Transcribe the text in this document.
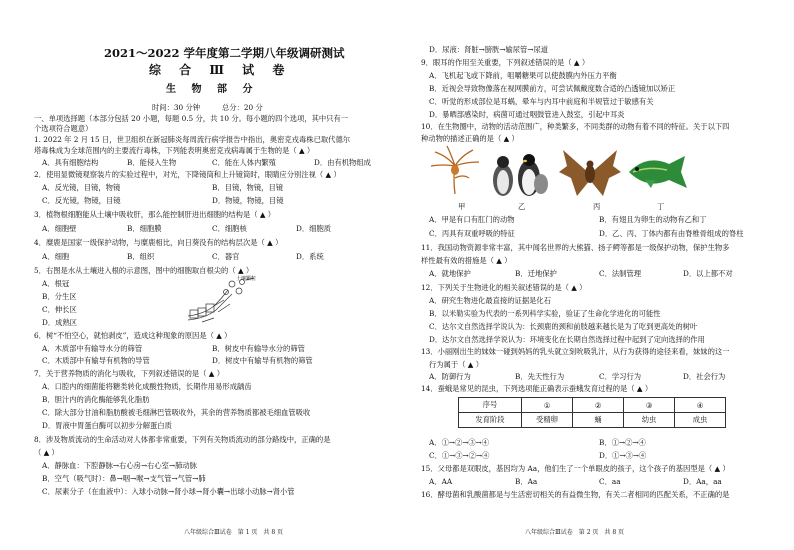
2021～2022 学年度第二学期八年级调研测试
综 合 Ⅲ 试 卷
生 物 部 分
时间：30 分钟　　　总分：20 分
一、单项选择题（本部分包括 20 小题，每题 0.5 分，共 10 分。每小题的四个选项，其中只有一
个选项符合题意）
1. 2022 年 2 月 15 日，世卫组织在新冠肺炎每周流行病学报告中指出，奥密克戎毒株已取代德尔
塔毒株成为全球范围内的主要流行毒株，下列能表明奥密克戎病毒属于生物的是（ ▲ ）
A．具有细胞结构	B．能侵入生物	C．能在人体内繁殖	D．由有机物组成
2．使用显微镜观察装片的实验过程中，对光，下降镜筒和上升镜筒时，眼睛应分别注视（ ▲ ）
A．反光镜，目镜，物镜	B．目镜，物镜，目镜
C．反光镜，物镜，目镜	D．物镜，物镜，目镜
3．植物根细胞能从土壤中吸收肝，那么能控制肝进出细胞的结构是（ ▲ ）
A．细胞壁	B．细胞膜	C．细胞核	D．细胞质
4．糜鹿是国家一级保护动物，与糜鹿相比，向日葵没有的结构层次是（ ▲ ）
A．细胞	B．组织	C．器官	D．系统
5．右图是水从土壤进入根的示意图，图中的细胞取自根尖的（ ▲ ）
A．根冠
B．分生区
C．伸长区
D．成熟区
土壤颗粒
6．树“不怕空心，就怕剥皮”，造成这种现象的原因是（ ▲ ）
A．木质部中有输导水分的筛管	B．树皮中有输导水分的筛管
C．木质部中有输导有机物的导管	D．树皮中有输导有机物的筛管
7．关于营养物质的消化与吸收，下列叙述错误的是（ ▲ ）
A．口腔内的细菌能将糖类转化成酸性物质，长期作用易形成龋齿
B．胆汁内的消化酶能够乳化脂肪
C．除大部分甘油和脂肪酸被毛细淋巴管吸收外，其余的营养物质都被毛细血管吸收
D．胃液中胃蛋白酶可以初步分解蛋白质
8．涉及物质流动的生命活动对人体都非常重要，下列有关物质流动的部分路线中，正确的是
（ ▲ ）
A．静脉血：下腔静脉→右心房→右心室→肺动脉
B．空气（吸气时）：鼻→咽→喉→支气管→气管→肺
C．尿素分子（在血液中）：入球小动脉→肾小球→肾小囊→出球小动脉→肾小管
八年级综合Ⅲ试卷　第 1 页　共 8 页
D．尿液：肾脏→膀胱→输尿管→尿道
9．眼耳的作用至关重要，下列叙述错误的是（ ▲ ）
A．飞机起飞或下降前，咀嚼糖果可以使鼓膜内外压力平衡
B．近视会导致物像落在视网膜前方，可尝试佩戴度数合适的凸透镜加以矫正
C．听觉的形成部位是耳蜗，晕车与内耳中前庭和半规管过于敏感有关
D．暴晒部感染时，病菌可通过咽鼓管进入鼓室，引起中耳炎
10．在生物圈中，动物的活动范围广，种类繁多，不同类群的动物有着不同的特征。关于以下四
种动物的描述正确的是（ ▲ ）
甲	乙	丙	丁
A．甲是有口有肛门的动物	B．有翅且为卵生的动物有乙和丁
C．丙具有双重呼吸的特征	D．乙、丙、丁体内都有由脊椎骨组成的脊柱
11．我国动物资源非常丰富，其中闻名世界的大熊猫、扬子鳄等都是一级保护动物，保护生物多
样性最有效的措施是（ ▲ ）
A．就地保护	B．迁地保护	C．法制管理	D．以上都不对
12．下列关于生物进化的相关叙述错误的是（ ▲ ）
A．研究生物进化最直接的证据是化石
B．以米勒实验为代表的一系列科学实验，验证了生命化学进化的可能性
C．达尔文自然选择学说认为：长颈鹿的颈和前肢越来越长是为了吃到更高处的树叶
D．达尔文自然选择学说认为：环境变化在长期自然选择过程中起到了定向选择的作用
13．小丽刚出生的妹妹一碰到妈妈的乳头就立刻吮吸乳汁，从行为获得的途径来看，妹妹的这一
行为属于（ ▲ ）
A．防御行为	B．先天性行为	C．学习行为	D．社会行为
14．蚕蛾是常见的昆虫，下列选项能正确表示蚕蛾发育过程的是（ ▲ ）
序号	①	②	③	④
发育阶段	受精卵	蛹	幼虫	成虫
A．①→②→③→④	B．①→②→④
C．①→③→②→④	D．①→③→④
15．父母都是双眼皮，基因均为 Aa，他们生了一个单眼皮的孩子，这个孩子的基因型是（ ▲ ）
A．AA	B．Aa	C．aa	D．Aa，aa
16．酵母菌和乳酸菌都是与生活密切相关的有益微生物，有关二者相同的匹配关系，不正确的是
八年级综合Ⅲ试卷　第 2 页　共 8 页
